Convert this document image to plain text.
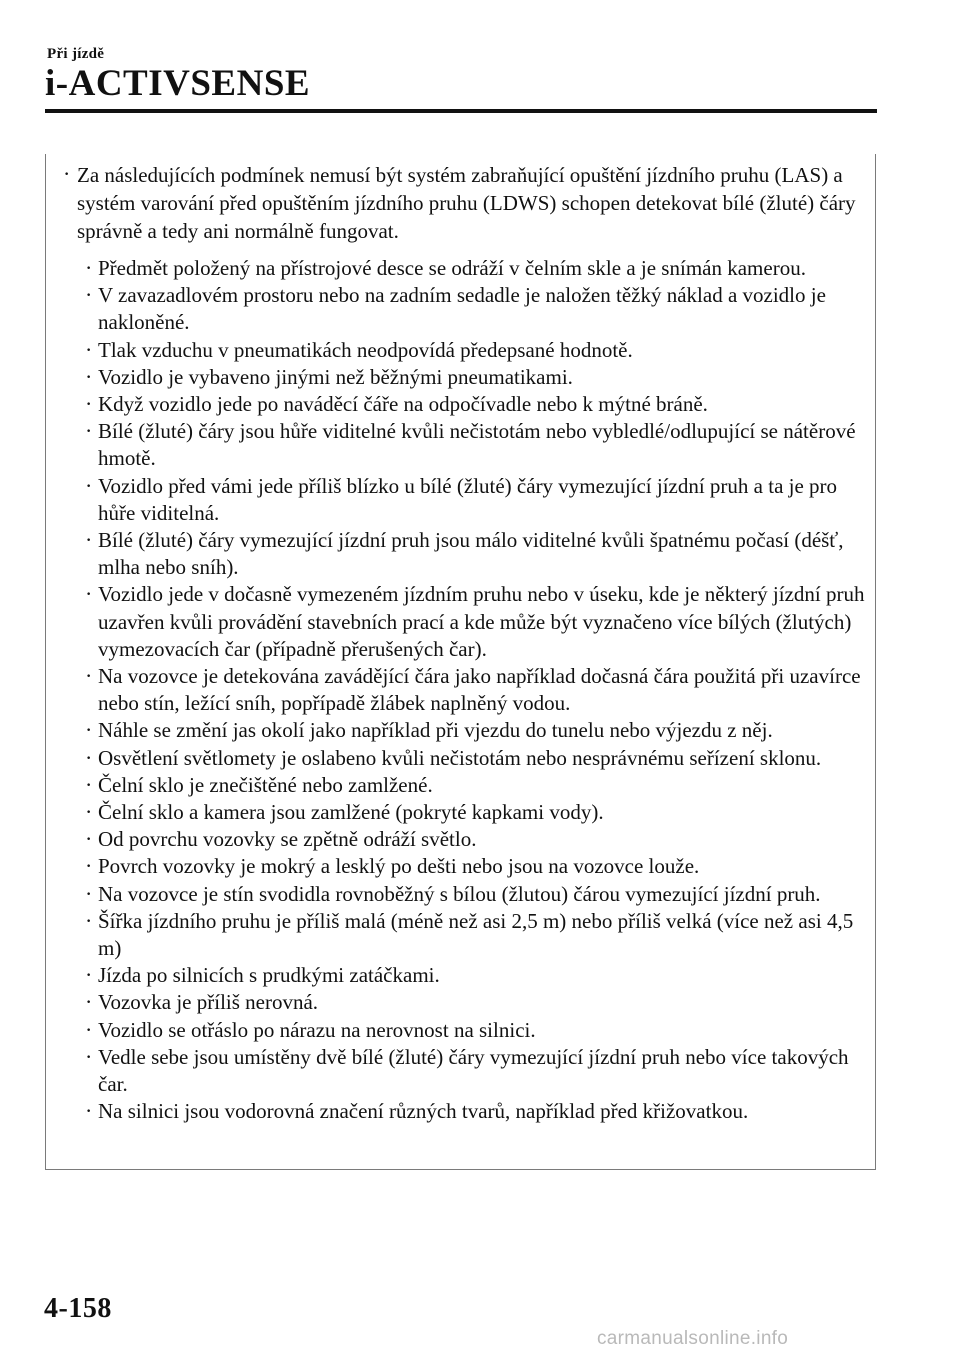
Při jízdě
i-ACTIVSENSE
· Za následujících podmínek nemusí být systém zabraňující opuštění jízdního pruhu (LAS) a systém varování před opuštěním jízdního pruhu (LDWS) schopen detekovat bílé (žluté) čáry správně a tedy ani normálně fungovat.
· Předmět položený na přístrojové desce se odráží v čelním skle a je snímán kamerou.
· V zavazadlovém prostoru nebo na zadním sedadle je naložen těžký náklad a vozidlo je nakloněné.
· Tlak vzduchu v pneumatikách neodpovídá předepsané hodnotě.
· Vozidlo je vybaveno jinými než běžnými pneumatikami.
· Když vozidlo jede po naváděcí čáře na odpočívadle nebo k mýtné bráně.
· Bílé (žluté) čáry jsou hůře viditelné kvůli nečistotám nebo vybledlé/odlupující se nátěrové hmotě.
· Vozidlo před vámi jede příliš blízko u bílé (žluté) čáry vymezující jízdní pruh a ta je pro hůře viditelná.
· Bílé (žluté) čáry vymezující jízdní pruh jsou málo viditelné kvůli špatnému počasí (déšť, mlha nebo sníh).
· Vozidlo jede v dočasně vymezeném jízdním pruhu nebo v úseku, kde je některý jízdní pruh uzavřen kvůli provádění stavebních prací a kde může být vyznačeno více bílých (žlutých) vymezovacích čar (případně přerušených čar).
· Na vozovce je detekována zavádějící čára jako například dočasná čára použitá při uzavírce nebo stín, ležící sníh, popřípadě žlábek naplněný vodou.
· Náhle se změní jas okolí jako například při vjezdu do tunelu nebo výjezdu z něj.
· Osvětlení světlomety je oslabeno kvůli nečistotám nebo nesprávnému seřízení sklonu.
· Čelní sklo je znečištěné nebo zamlžené.
· Čelní sklo a kamera jsou zamlžené (pokryté kapkami vody).
· Od povrchu vozovky se zpětně odráží světlo.
· Povrch vozovky je mokrý a lesklý po dešti nebo jsou na vozovce louže.
· Na vozovce je stín svodidla rovnoběžný s bílou (žlutou) čárou vymezující jízdní pruh.
· Šířka jízdního pruhu je příliš malá (méně než asi 2,5 m) nebo příliš velká (více než asi 4,5 m)
· Jízda po silnicích s prudkými zatáčkami.
· Vozovka je příliš nerovná.
· Vozidlo se otřáslo po nárazu na nerovnost na silnici.
· Vedle sebe jsou umístěny dvě bílé (žluté) čáry vymezující jízdní pruh nebo více takových čar.
· Na silnici jsou vodorovná značení různých tvarů, například před křižovatkou.
4-158
carmanualsonline.info
